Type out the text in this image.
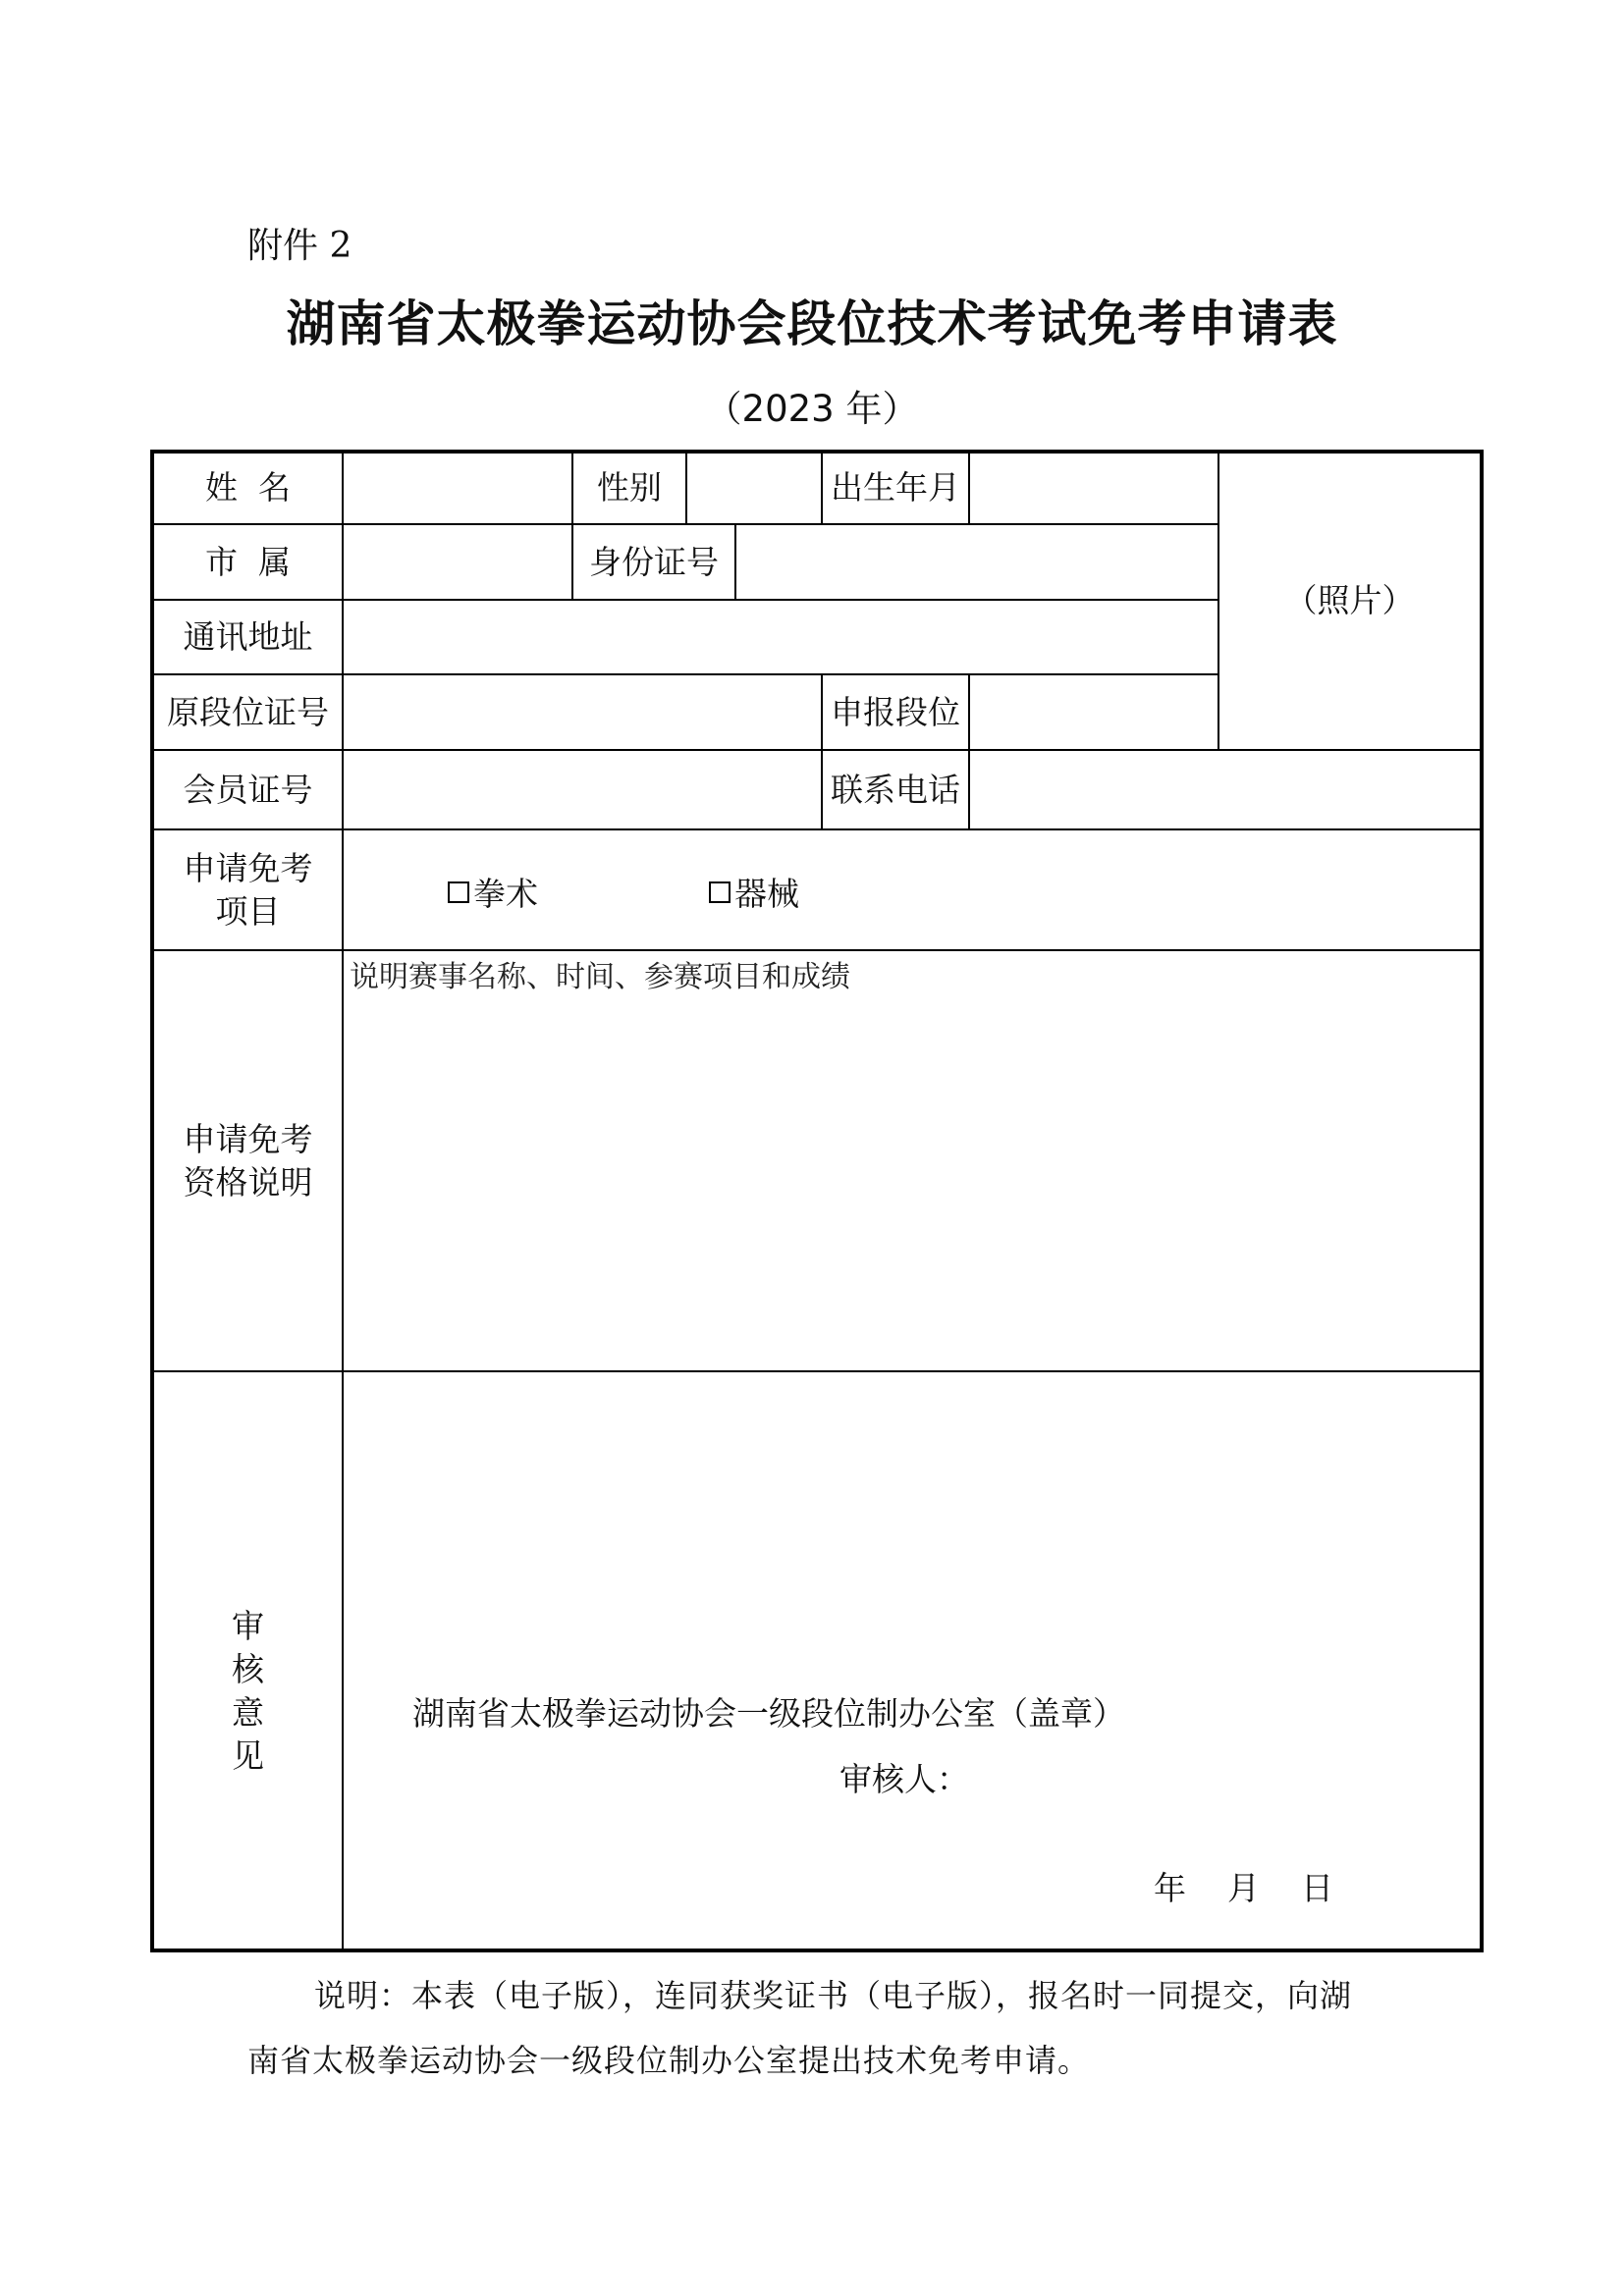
附件 2
湖南省太极拳运动协会段位技术考试免考申请表
（2023 年）
姓  名	性别	出生年月
（照片）
市  属	身份证号
通讯地址
原段位证号	申报段位
会员证号	联系电话
申请免考
项目	拳术	器械
申请免考
资格说明
说明赛事名称、时间、参赛项目和成绩
审
核
意
见
湖南省太极拳运动协会一级段位制办公室（盖章）
审核人：
年 月 日
说明：本表（电子版），连同获奖证书（电子版），报名时一同提交，向湖
南省太极拳运动协会一级段位制办公室提出技术免考申请。
